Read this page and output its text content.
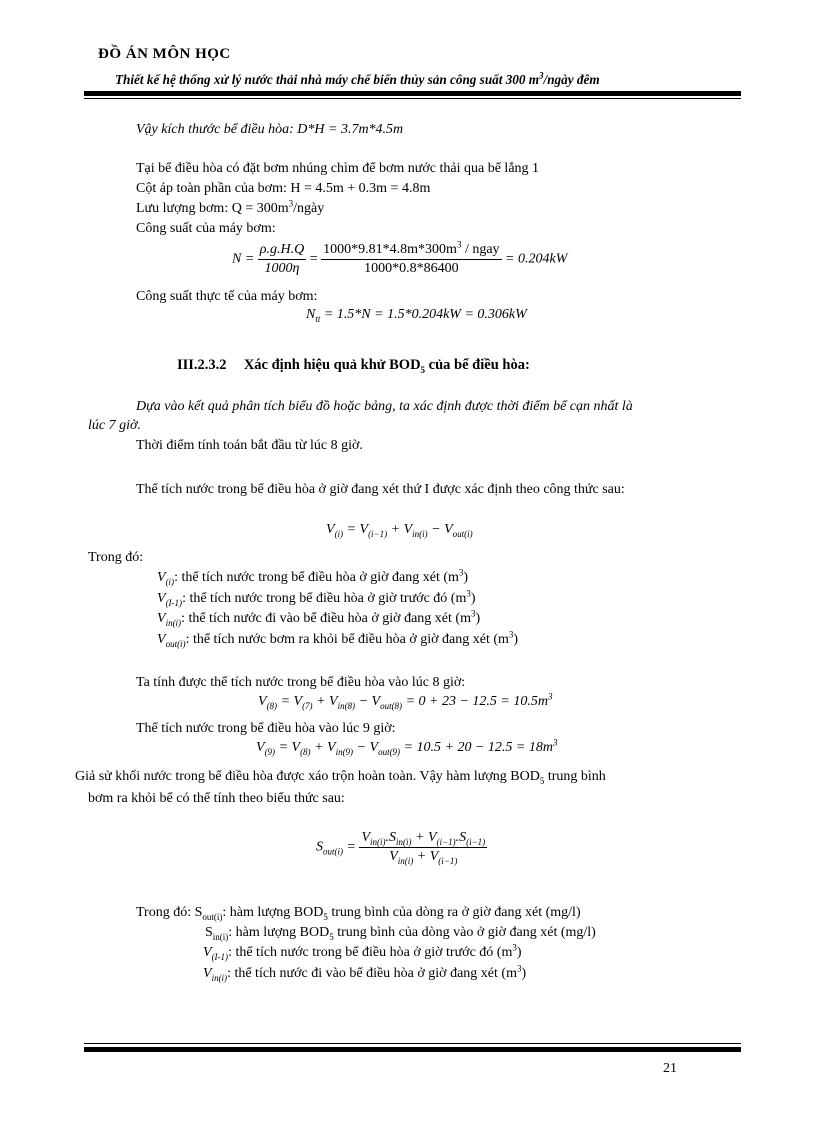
ĐỒ ÁN MÔN HỌC
Thiết kế hệ thống xử lý nước thải nhà máy chế biến thủy sản công suất 300 $m^3$/ngày đêm
Vậy kích thước bể điều hòa: D*H = 3.7m*4.5m
Tại bể điều hòa có đặt bơm nhúng chìm để bơm nước thải qua bể lắng 1
Cột áp toàn phần của bơm: H = 4.5m + 0.3m = 4.8m
Lưu lượng bơm: $Q = 300m^3$/ngày
Công suất của máy bơm:
$N = \frac{\rho.g.H.Q}{1000\eta} = \frac{1000*9.81*4.8m*300m^3 / ngay}{1000*0.8*86400} = 0.204kW$
Công suất thực tế của máy bơm:
$N_{tt} = 1.5*N = 1.5*0.204kW = 0.306kW$
III.2.3.2 Xác định hiệu quả khử $BOD_5$ của bể điều hòa:
Dựa vào kết quả phân tích biểu đồ hoặc bảng, ta xác định được thời điểm bể cạn nhất là
lúc 7 giờ.
Thời điểm tính toán bắt đầu từ lúc 8 giờ.
Thể tích nước trong bể điều hòa ở giờ đang xét thứ I được xác định theo công thức sau:
$V_{(i)} = V_{(i-1)} + V_{in(i)} - V_{out(i)}$
Trong đó:
$V_{(i)}$: thể tích nước trong bể điều hòa ở giờ đang xét $(m^3)$
$V_{(I-1)}$: thể tích nước trong bể điều hòa ở giờ trước đó $(m^3)$
$V_{in(i)}$: thể tích nước đi vào bể điều hòa ở giờ đang xét $(m^3)$
$V_{out(i)}$: thể tích nước bơm ra khỏi bể điều hòa ở giờ đang xét $(m^3)$
Ta tính được thể tích nước trong bể điều hòa vào lúc 8 giờ:
$V_{(8)} = V_{(7)} + V_{in(8)} - V_{out(8)} = 0 + 23 - 12.5 = 10.5m^3$
Thể tích nước trong bể điều hòa vào lúc 9 giờ:
$V_{(9)} = V_{(8)} + V_{in(9)} - V_{out(9)} = 10.5 + 20 - 12.5 = 18m^3$
Giả sử khối nước trong bể điều hòa được xáo trộn hoàn toàn. Vậy hàm lượng $BOD_5$ trung bình
bơm ra khỏi bể có thể tính theo biểu thức sau:
$S_{out(i)} = \frac{V_{in(i)}.S_{in(i)} + V_{(i-1)}.S_{(i-1)}}{V_{in(i)} + V_{(i-1)}}$
Trong đó: $S_{out(i)}$: hàm lượng $BOD_5$ trung bình của dòng ra ở giờ đang xét (mg/l)
$S_{in(i)}$: hàm lượng $BOD_5$ trung bình của dòng vào ở giờ đang xét (mg/l)
$V_{(I-1)}$: thể tích nước trong bể điều hòa ở giờ trước đó $(m^3)$
$V_{in(i)}$: thể tích nước đi vào bể điều hòa ở giờ đang xét $(m^3)$
21
